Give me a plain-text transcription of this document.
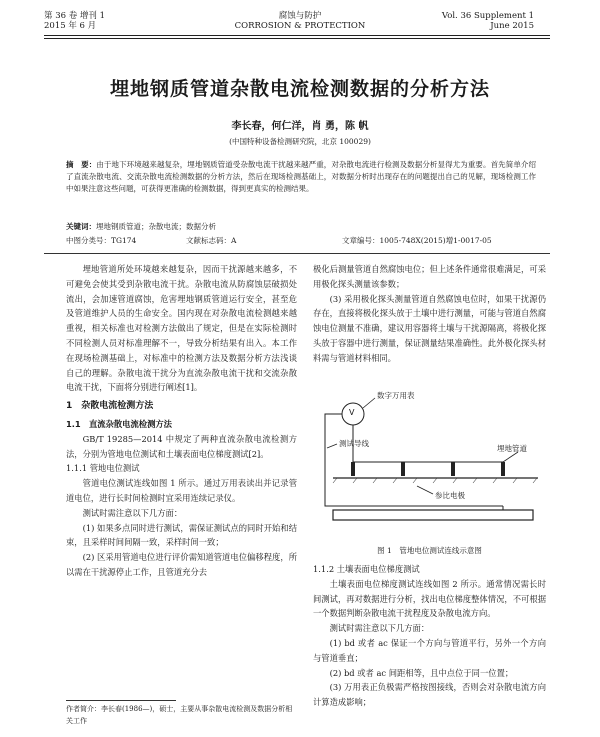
第 36 卷 增刊 1
2015 年 6 月
腐蚀与防护
CORROSION & PROTECTION
Vol. 36 Supplement 1
June 2015
埋地钢质管道杂散电流检测数据的分析方法
李长春，何仁洋，肖 勇，陈 帆
(中国特种设备检测研究院，北京 100029)
摘　要：由于地下环境越来越复杂，埋地钢质管道受杂散电流干扰越来越严重，对杂散电流进行检测及数据分析显得尤为重要。首先简单介绍了直流杂散电流、交流杂散电流检测数据的分析方法，然后在现场检测基础上，对数据分析时出现存在的问题提出自己的见解，现场检测工作中如果注意这些问题，可获得更准确的检测数据，得到更真实的检测结果。
关键词：埋地钢质管道；杂散电流；数据分析
中图分类号：TG174	文献标志码：A	文章编号：1005-748X(2015)增1-0017-05

埋地管道所处环境越来越复杂，因而干扰源越来越多，不可避免会使其受到杂散电流干扰。杂散电流从防腐蚀层破损处流出，会加速管道腐蚀，危害埋地钢质管道运行安全，甚至危及管道维护人员的生命安全。国内现在对杂散电流检测越来越重视，相关标准也对检测方法做出了规定，但是在实际检测时不同检测人员对标准理解不一，导致分析结果有出入。本工作在现场检测基础上，对标准中的检测方法及数据分析方法浅谈自己的理解。杂散电流干扰分为直流杂散电流干扰和交流杂散电流干扰，下面将分别进行阐述[1]。

1　杂散电流检测方法

1.1　直流杂散电流检测方法

GB/T 19285—2014 中规定了两种直流杂散电流检测方法，分别为管地电位测试和土壤表面电位梯度测试[2]。

1.1.1 管地电位测试

管道电位测试连线如图 1 所示。通过万用表读出并记录管道电位，进行长时间检测时宜采用连续记录仪。

测试时需注意以下几方面：

(1) 如果多点同时进行测试，需保证测试点的同时开始和结束，且采样时间间隔一致，采样时间一致；

(2) 区采用管道电位进行评价需知道管道电位偏移程度，所以需在干扰源停止工作，且管道充分去

作者简介：李长春(1986—)，硕士，主要从事杂散电流检测及数据分析相关工作

极化后测量管道自然腐蚀电位；但上述条件通常很难满足，可采用极化探头测量该参数；

(3) 采用极化探头测量管道自然腐蚀电位时，如果干扰源仍存在，直接将极化探头放于土壤中进行测量，可能与管道自然腐蚀电位测量不准确，建议用容器将土壤与干扰源隔离，将极化探头放于容器中进行测量，保证测量结果准确性。此外极化探头材料需与管道材料相同。

V
数字万用表
测试导线
埋地管道
参比电极
图 1　管地电位测试连线示意图

1.1.2 土壤表面电位梯度测试

土壤表面电位梯度测试连线如图 2 所示。通常情况需长时间测试，再对数据进行分析，找出电位梯度整体情况，不可根据一个数据判断杂散电流干扰程度及杂散电流方向。

测试时需注意以下几方面：

(1) bd 或者 ac 保证一个方向与管道平行，另外一个方向与管道垂直；

(2) bd 或者 ac 间距相等，且中点位于同一位置；

(3) 万用表正负极需严格按图接线，否则会对杂散电流方向计算造成影响；
